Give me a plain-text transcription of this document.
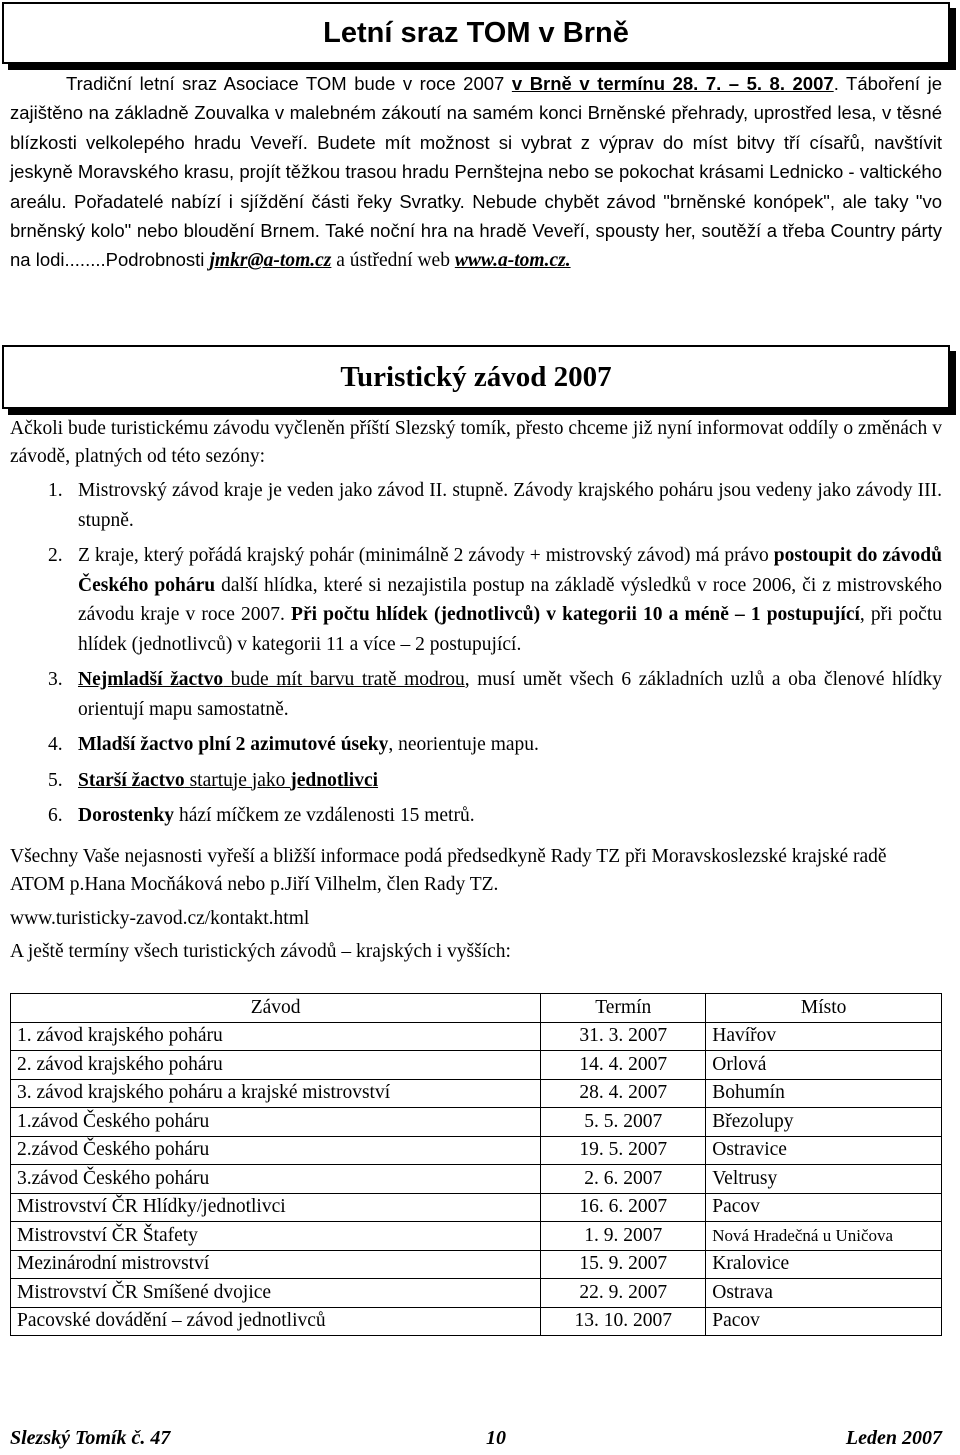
Letní sraz TOM v Brně
Tradiční letní sraz Asociace TOM bude v roce 2007 v Brně v termínu 28. 7. – 5. 8. 2007. Táboření je zajištěno na základně Zouvalka v malebném zákoutí na samém konci Brněnské přehrady, uprostřed lesa, v těsné blízkosti velkolepého hradu Veveří. Budete mít možnost si vybrat z výprav do míst bitvy tří císařů, navštívit jeskyně Moravského krasu, projít těžkou trasou hradu Pernštejna nebo se pokochat krásami Lednicko - valtického areálu. Pořadatelé nabízí i sjíždění části řeky Svratky. Nebude chybět závod "brněnské konópek", ale taky "vo brněnský kolo" nebo bloudění Brnem. Také noční hra na hradě Veveří, spousty her, soutěží a třeba Country párty na lodi........Podrobnosti jmkr@a-tom.cz a ústřední web www.a-tom.cz.
Turistický závod 2007
Ačkoli bude turistickému závodu vyčleněn příští Slezský tomík, přesto chceme již nyní informovat oddíly o změnách v závodě, platných od této sezóny:
1. Mistrovský závod kraje je veden jako závod II. stupně. Závody krajského poháru jsou vedeny jako závody III. stupně.
2. Z kraje, který pořádá krajský pohár (minimálně 2 závody + mistrovský závod) má právo postoupit do závodů Českého poháru další hlídka, které si nezajistila postup na základě výsledků v roce 2006, či z mistrovského závodu kraje v roce 2007. Při počtu hlídek (jednotlivců) v kategorii 10 a méně – 1 postupující, při počtu hlídek (jednotlivců) v kategorii 11 a více – 2 postupující.
3. Nejmladší žactvo bude mít barvu tratě modrou, musí umět všech 6 základních uzlů a oba členové hlídky orientují mapu samostatně.
4. Mladší žactvo plní 2 azimutové úseky, neorientuje mapu.
5. Starší žactvo startuje jako jednotlivci
6. Dorostenky hází míčkem ze vzdálenosti 15 metrů.
Všechny Vaše nejasnosti vyřeší a bližší informace podá předsedkyně Rady TZ při Moravskoslezské krajské radě ATOM p.Hana Mocňáková nebo p.Jiří Vilhelm, člen Rady TZ.
www.turisticky-zavod.cz/kontakt.html
A ještě termíny všech turistických závodů – krajských i vyšších:
Závod	Termín	Místo
1. závod krajského poháru	31. 3. 2007	Havířov
2. závod krajského poháru	14. 4. 2007	Orlová
3. závod krajského poháru a krajské mistrovství	28. 4. 2007	Bohumín
1.závod Českého poháru	5. 5. 2007	Březolupy
2.závod Českého poháru	19. 5. 2007	Ostravice
3.závod Českého poháru	2. 6. 2007	Veltrusy
Mistrovství ČR Hlídky/jednotlivci	16. 6. 2007	Pacov
Mistrovství ČR Štafety	1. 9. 2007	Nová Hradečná u Uničova
Mezinárodní mistrovství	15. 9. 2007	Kralovice
Mistrovství ČR Smíšené dvojice	22. 9. 2007	Ostrava
Pacovské dovádění – závod jednotlivců	13. 10. 2007	Pacov
Slezský Tomík č. 47	10	Leden 2007
